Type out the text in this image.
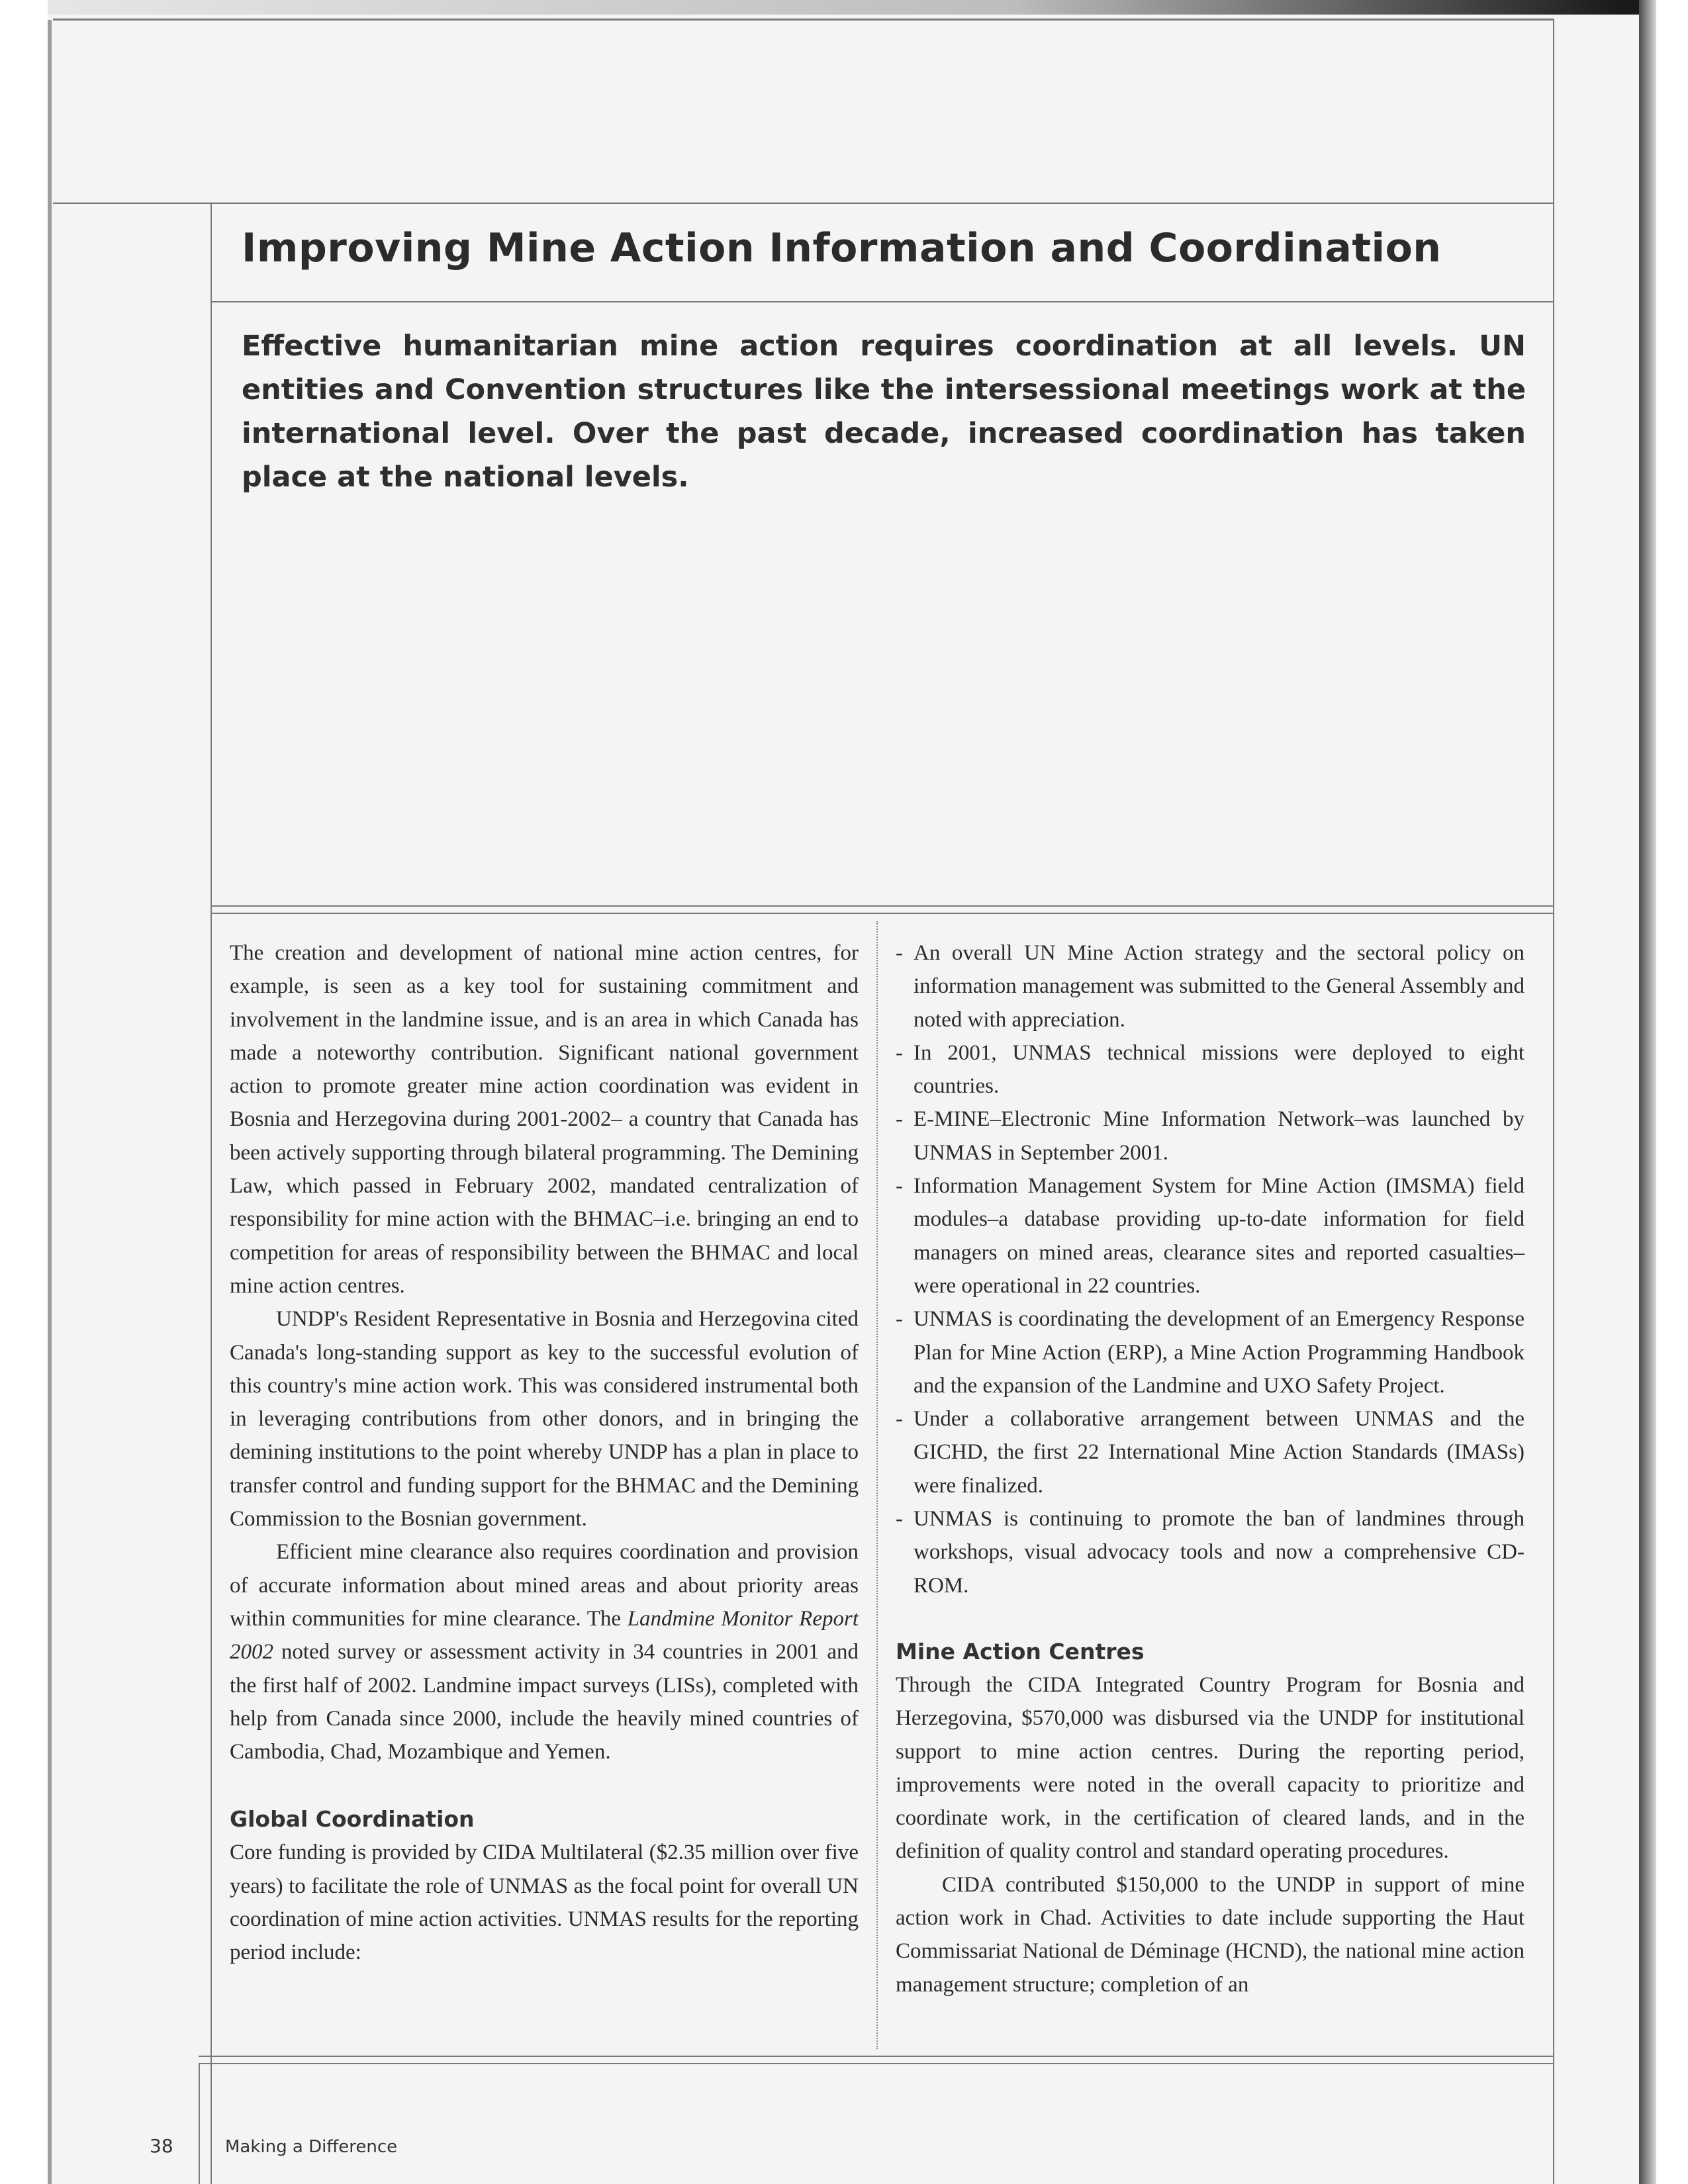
Improving Mine Action Information and Coordination
Effective humanitarian mine action requires coordination at all levels. UN entities and Convention structures like the intersessional meetings work at the international level. Over the past decade, increased coordination has taken place at the national levels.

The creation and development of national mine action centres, for example, is seen as a key tool for sustaining commitment and involvement in the landmine issue, and is an area in which Canada has made a noteworthy contribution. Significant national government action to promote greater mine action coordination was evident in Bosnia and Herzegovina during 2001-2002– a country that Canada has been actively supporting through bilateral programming. The Demining Law, which passed in February 2002, mandated centralization of responsibility for mine action with the BHMAC–i.e. bringing an end to competition for areas of responsibility between the BHMAC and local mine action centres.

UNDP's Resident Representative in Bosnia and Herzegovina cited Canada's long-standing support as key to the successful evolution of this country's mine action work. This was considered instrumental both in leveraging contributions from other donors, and in bringing the demining institutions to the point whereby UNDP has a plan in place to transfer control and funding support for the BHMAC and the Demining Commission to the Bosnian government.

Efficient mine clearance also requires coordination and provision of accurate information about mined areas and about priority areas within communities for mine clearance. The Landmine Monitor Report 2002 noted survey or assessment activity in 34 countries in 2001 and the first half of 2002. Landmine impact surveys (LISs), completed with help from Canada since 2000, include the heavily mined countries of Cambodia, Chad, Mozambique and Yemen.

Global Coordination

Core funding is provided by CIDA Multilateral ($2.35 million over five years) to facilitate the role of UNMAS as the focal point for overall UN coordination of mine action activities. UNMAS results for the reporting period include:

- An overall UN Mine Action strategy and the sectoral policy on information management was submitted to the General Assembly and noted with appreciation.
- In 2001, UNMAS technical missions were deployed to eight countries.
- E-MINE–Electronic Mine Information Network–was launched by UNMAS in September 2001.
- Information Management System for Mine Action (IMSMA) field modules–a database providing up-to-date information for field managers on mined areas, clearance sites and reported casualties–were operational in 22 countries.
- UNMAS is coordinating the development of an Emergency Response Plan for Mine Action (ERP), a Mine Action Programming Handbook and the expansion of the Landmine and UXO Safety Project.
- Under a collaborative arrangement between UNMAS and the GICHD, the first 22 International Mine Action Standards (IMASs) were finalized.
- UNMAS is continuing to promote the ban of landmines through workshops, visual advocacy tools and now a comprehensive CD-ROM.
Mine Action Centres

Through the CIDA Integrated Country Program for Bosnia and Herzegovina, $570,000 was disbursed via the UNDP for institutional support to mine action centres. During the reporting period, improvements were noted in the overall capacity to prioritize and coordinate work, in the certification of cleared lands, and in the definition of quality control and standard operating procedures.

CIDA contributed $150,000 to the UNDP in support of mine action work in Chad. Activities to date include supporting the Haut Commissariat National de Déminage (HCND), the national mine action management structure; completion of an

38	Making a Difference
